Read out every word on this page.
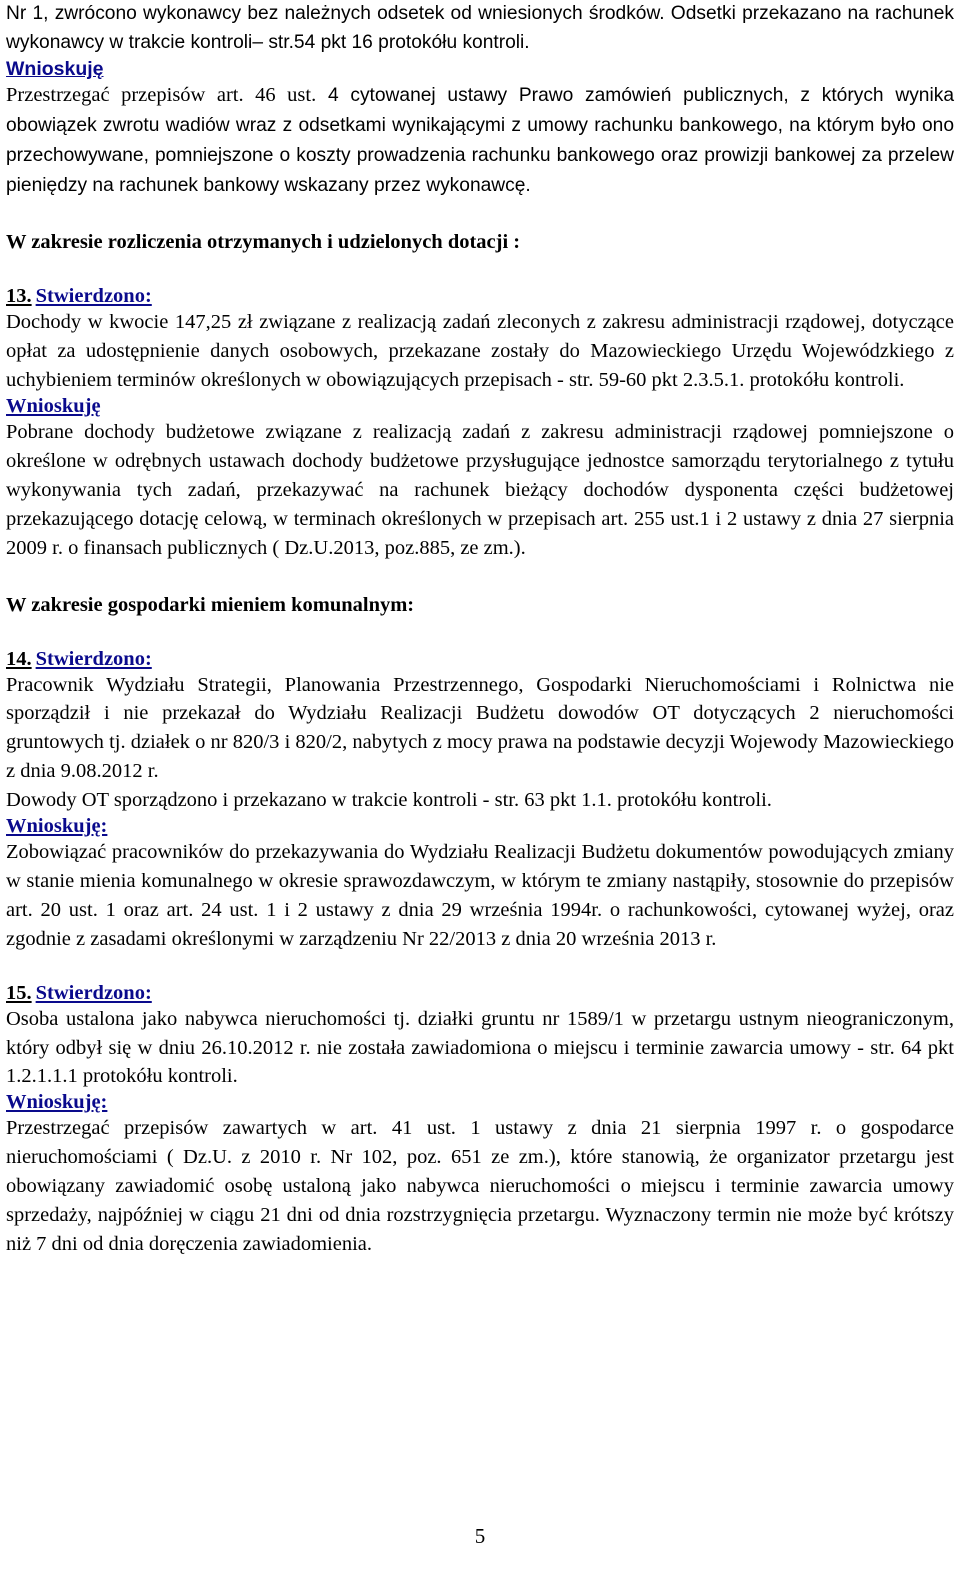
Nr 1, zwrócono wykonawcy bez należnych odsetek od wniesionych środków. Odsetki przekazano na rachunek wykonawcy w trakcie kontroli– str.54 pkt 16 protokółu kontroli.

Wnioskuję

Przestrzegać przepisów art. 46 ust. 4 cytowanej ustawy Prawo zamówień publicznych, z których wynika obowiązek zwrotu wadiów wraz z odsetkami wynikającymi z umowy rachunku bankowego, na którym było ono przechowywane, pomniejszone o koszty prowadzenia rachunku bankowego oraz prowizji bankowej za przelew pieniędzy na rachunek bankowy wskazany przez wykonawcę.

W zakresie rozliczenia otrzymanych i udzielonych dotacji :

13. Stwierdzono:

Dochody w kwocie 147,25 zł związane z realizacją zadań zleconych z zakresu administracji rządowej, dotyczące opłat za udostępnienie danych osobowych, przekazane zostały do Mazowieckiego Urzędu Wojewódzkiego z uchybieniem terminów określonych w obowiązujących przepisach - str. 59-60 pkt 2.3.5.1. protokółu kontroli.

Wnioskuję

Pobrane dochody budżetowe związane z realizacją zadań z zakresu administracji rządowej pomniejszone o określone w odrębnych ustawach dochody budżetowe przysługujące jednostce samorządu terytorialnego z tytułu wykonywania tych zadań, przekazywać na rachunek bieżący dochodów dysponenta części budżetowej przekazującego dotację celową, w terminach określonych w przepisach art. 255 ust.1 i 2 ustawy z dnia 27 sierpnia 2009 r. o finansach publicznych ( Dz.U.2013, poz.885, ze zm.).

W zakresie gospodarki mieniem komunalnym:

14. Stwierdzono:

Pracownik Wydziału Strategii, Planowania Przestrzennego, Gospodarki Nieruchomościami i Rolnictwa nie sporządził i nie przekazał do Wydziału Realizacji Budżetu dowodów OT dotyczących 2 nieruchomości gruntowych tj. działek o nr 820/3 i 820/2, nabytych z mocy prawa na podstawie decyzji Wojewody Mazowieckiego z dnia 9.08.2012 r.

Dowody OT sporządzono i przekazano w trakcie kontroli - str. 63 pkt 1.1. protokółu kontroli.

Wnioskuję:

Zobowiązać pracowników do przekazywania do Wydziału Realizacji Budżetu dokumentów powodujących zmiany w stanie mienia komunalnego w okresie sprawozdawczym, w którym te zmiany nastąpiły, stosownie do przepisów art. 20 ust. 1 oraz art. 24 ust. 1 i 2 ustawy z dnia 29 września 1994r. o rachunkowości, cytowanej wyżej, oraz zgodnie z zasadami określonymi w zarządzeniu Nr 22/2013 z dnia 20 września 2013 r.

15. Stwierdzono:

Osoba ustalona jako nabywca nieruchomości tj. działki gruntu nr 1589/1 w przetargu ustnym nieograniczonym, który odbył się w dniu 26.10.2012 r. nie została zawiadomiona o miejscu i terminie zawarcia umowy - str. 64 pkt 1.2.1.1.1 protokółu kontroli.

Wnioskuję:

Przestrzegać przepisów zawartych w art. 41 ust. 1 ustawy z dnia 21 sierpnia 1997 r. o gospodarce nieruchomościami ( Dz.U. z 2010 r. Nr 102, poz. 651 ze zm.), które stanowią, że organizator przetargu jest obowiązany zawiadomić osobę ustaloną jako nabywca nieruchomości o miejscu i terminie zawarcia umowy sprzedaży, najpóźniej w ciągu 21 dni od dnia rozstrzygnięcia przetargu. Wyznaczony termin nie może być krótszy niż 7 dni od dnia doręczenia zawiadomienia.

5
